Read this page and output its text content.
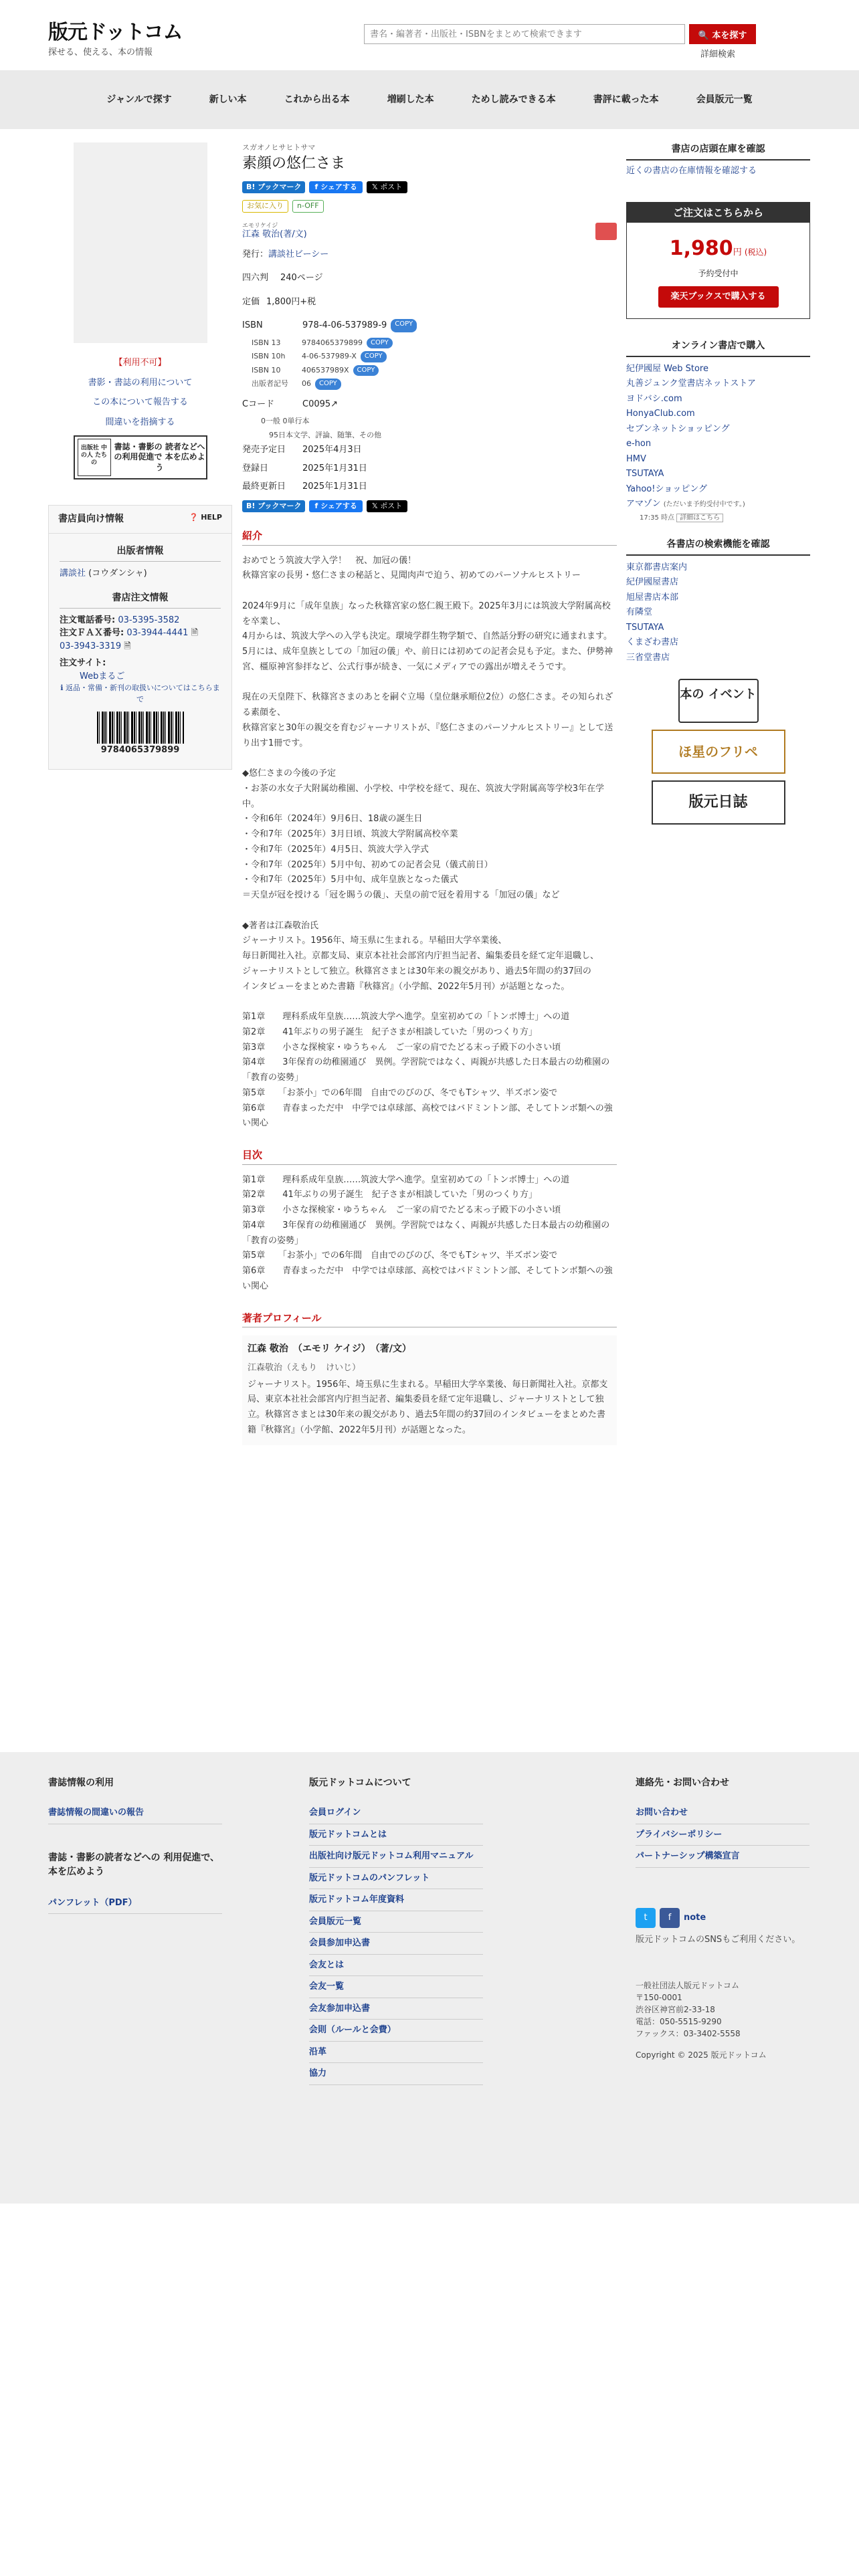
版元ドットコム
探せる、使える、本の情報
書名・編著者・出版社・ISBNをまとめて検索できます
🔍 本を探す
詳細検索
ジャンルで探す	新しい本	これから出る本	増刷した本	ためし読みできる本	書評に載った本	会員版元一覧
【利用不可】
書影・書誌の利用について
この本について報告する
間違いを指摘する
出版社 中の人 たちの
書誌・書影の 読者などへの利用促進で 本を広めよう
書店員向け情報	❓ HELP
出版者情報
講談社 (コウダンシャ)
書店注文情報
注文電話番号: 03-5395-3582
注文ＦＡＸ番号: 03-3944-4441 🗎
03-3943-3319 🗎
注文サイト:
Webまるご
ℹ 返品・常備・新刊の取扱いについてはこちらまで
9784065379899
スガオノヒサヒトサマ
素顔の悠仁さま
B! ブックマーク	f シェアする	𝕏 ポスト
お気に入り	n-OFF
エモリケイジ
江森 敬治(著/文)
発行：講談社ビーシー
四六判 240ページ
定価 1,800円+税
ISBN	978-4-06-537989-9	COPY
ISBN 13	9784065379899	COPY
ISBN 10h	4-06-537989-X	COPY
ISBN 10	406537989X	COPY
出版者記号	06	COPY
Cコード	C0095 ↗
0一般 0単行本
95日本文学、評論、随筆、その他
発売予定日	2025年4月3日
登録日	2025年1月31日
最終更新日	2025年1月31日
B! ブックマーク	f シェアする	𝕏 ポスト
紹介
おめでとう筑波大学入学！　祝、加冠の儀！
秋篠宮家の長男・悠仁さまの秘話と、見聞肉声で迫う、初めてのパーソナルヒストリー

2024年9月に「成年皇族」なった秋篠宮家の悠仁親王殿下。2025年3月には筑波大学附属高校を卒業し、
4月からは、筑波大学への入学も決定。環境学群生物学類で、自然話分野の研究に通まれます。
5月には、成年皇族としての「加冠の儀」や、前日には初めての記者会見も予定。また、伊勢神宮、橿原神宮参拝など、公式行事が続き、一気にメディアでの露出が増えそうです。

現在の天皇陛下、秋篠宮さまのあとを嗣ぐ立場（皇位継承順位2位）の悠仁さま。その知られざる素顔を、
秋篠宮家と30年の親交を育むジャーナリストが、『悠仁さまのパーソナルヒストリー』として送り出す1冊です。

◆悠仁さまの今後の予定
・お茶の水女子大附属幼稚園、小学校、中学校を経て、現在、筑波大学附属高等学校3年在学中。
・令和6年（2024年）9月6日、18歳の誕生日
・令和7年（2025年）3月日頃、筑波大学附属高校卒業
・令和7年（2025年）4月5日、筑波大学入学式
・令和7年（2025年）5月中旬、初めての記者会見（儀式前日）
・令和7年（2025年）5月中旬、成年皇族となった儀式
＝天皇が冠を授ける「冠を賜うの儀」、天皇の前で冠を着用する「加冠の儀」など

◆著者は江森敬治氏
ジャーナリスト。1956年、埼玉県に生まれる。早稲田大学卒業後、
毎日新聞社入社。京都支局、東京本社社会部宮内庁担当記者、編集委員を経て定年退職し、
ジャーナリストとして独立。秋篠宮さまとは30年来の親交があり、過去5年間の約37回の
インタビューをまとめた書籍『秋篠宮』（小学館、2022年5月刊）が話題となった。

第1章　　理科系成年皇族……筑波大学へ進学。皇室初めての「トンボ博士」への道
第2章　　41年ぶりの男子誕生　紀子さまが相談していた「男のつくり方」
第3章　　小さな探検家・ゆうちゃん　ご一家の肩でたどる末っ子殿下の小さい頃
第4章　　3年保育の幼稚園通び　異例。学習院ではなく、両親が共感した日本最古の幼稚園の「教育の姿勢」
第5章　　「お茶小」での6年間　自由でのびのび、冬でもTシャツ、半ズボン姿で
第6章　　青春まっただ中　中学では卓球部、高校ではバドミントン部、そしてトンボ類への強い関心
目次
第1章　　理科系成年皇族……筑波大学へ進学。皇室初めての「トンボ博士」への道
第2章　　41年ぶりの男子誕生　紀子さまが相談していた「男のつくり方」
第3章　　小さな探検家・ゆうちゃん　ご一家の肩でたどる末っ子殿下の小さい頃
第4章　　3年保育の幼稚園通び　異例。学習院ではなく、両親が共感した日本最古の幼稚園の「教育の姿勢」
第5章　　「お茶小」での6年間　自由でのびのび、冬でもTシャツ、半ズボン姿で
第6章　　青春まっただ中　中学では卓球部、高校ではバドミントン部、そしてトンボ類への強い関心
著者プロフィール
江森 敬治　（エモリ ケイジ）　（著/文）
江森敬治（えもり　けいじ）
ジャーナリスト。1956年、埼玉県に生まれる。早稲田大学卒業後、毎日新聞社入社。京都支局、東京本社社会部宮内庁担当記者、編集委員を経て定年退職し、ジャーナリストとして独立。秋篠宮さまとは30年来の親交があり、過去5年間の約37回のインタビューをまとめた書籍『秋篠宮』（小学館、2022年5月刊）が話題となった。
書店の店頭在庫を確認
近くの書店の在庫情報を確認する
ご注文はこちらから
1,980円 (税込)
予約受付中
楽天ブックスで購入する
オンライン書店で購入
紀伊國屋 Web Store
丸善ジュンク堂書店ネットストア
ヨドバシ.com
HonyaClub.com
セブンネットショッピング
e-hon
HMV
TSUTAYA
Yahoo!ショッピング
アマゾン (ただいま予約受付中です。)
17:35 時点 詳細はこちら
各書店の検索機能を確認
東京都書店案内
紀伊國屋書店
旭屋書店本部
有隣堂
TSUTAYA
くまざわ書店
三省堂書店
本の イベント
ほ星のフリペ
版元日誌
書誌情報の利用
書誌情報の間違いの報告
書誌・書影の読者などへの 利用促進で、本を広めよう
パンフレット（PDF）
版元ドットコムについて
会員ログイン
版元ドットコムとは
出版社向け版元ドットコム利用マニュアル
版元ドットコムのパンフレット
版元ドットコム年度資料
会員版元一覧
会員参加申込書
会友とは
会友一覧
会友参加申込書
会則（ルールと会費）
沿革
協力
連絡先・お問い合わせ
お問い合わせ
プライバシーポリシー
パートナーシップ構築宣言
t	f	note
版元ドットコムのSNSもご利用ください。
一般社団法人版元ドットコム
〒150-0001
渋谷区神宮前2-33-18
電話：050-5515-9290
ファックス：03-3402-5558
Copyright © 2025 版元ドットコム
